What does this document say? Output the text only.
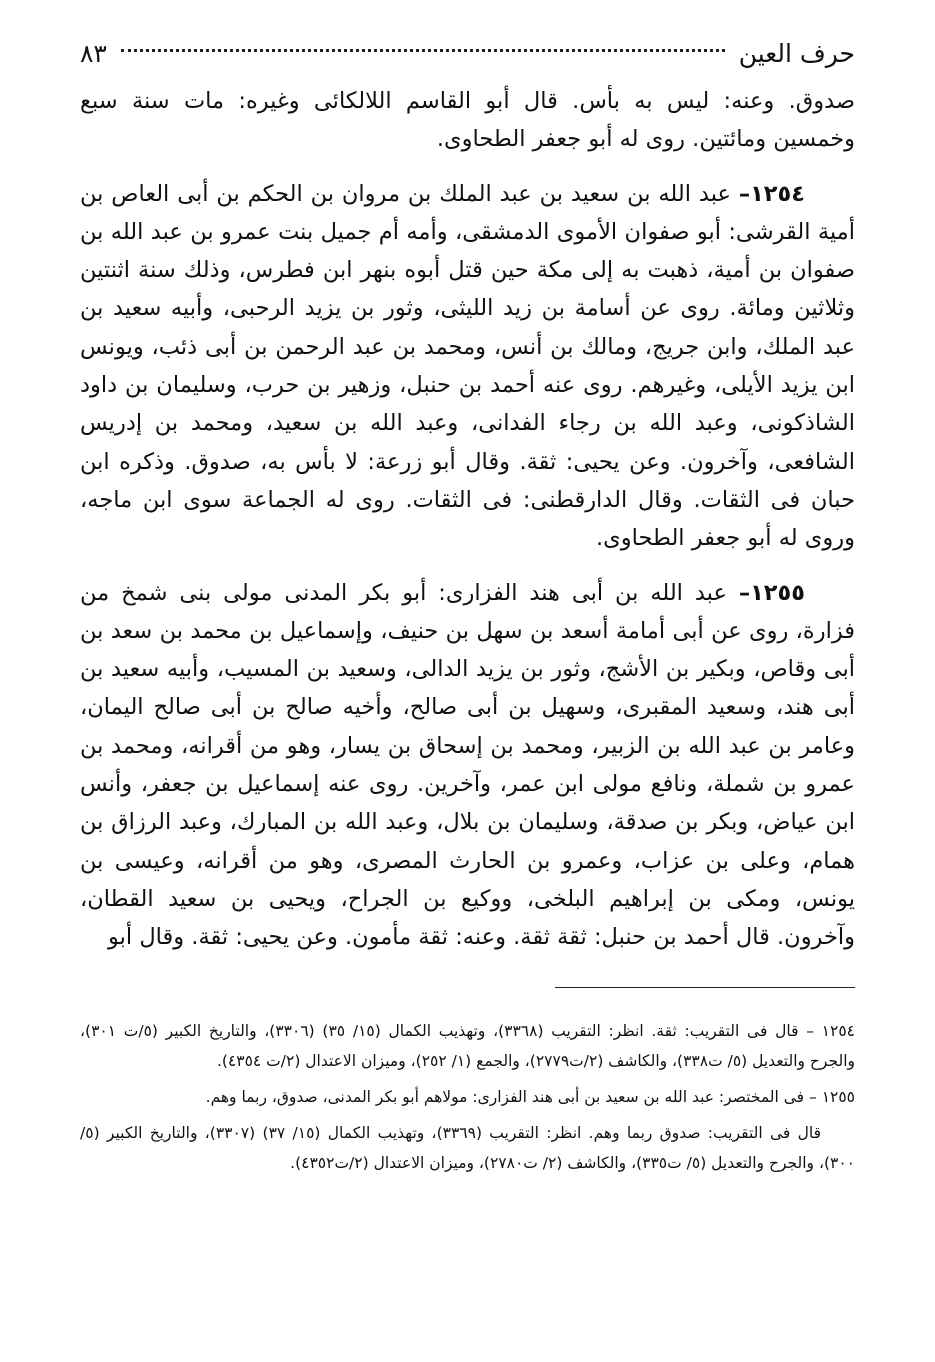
حرف العين
٨٣

صدوق. وعنه: ليس به بأس. قال أبو القاسم اللالكائى وغيره: مات سنة سبع وخمسين ومائتين. روى له أبو جعفر الطحاوى.

١٢٥٤– عبد الله بن سعيد بن عبد الملك بن مروان بن الحكم بن أبى العاص بن أمية القرشى: أبو صفوان الأموى الدمشقى، وأمه أم جميل بنت عمرو بن عبد الله بن صفوان بن أمية، ذهبت به إلى مكة حين قتل أبوه بنهر ابن فطرس، وذلك سنة اثنتين وثلاثين ومائة. روى عن أسامة بن زيد الليثى، وثور بن يزيد الرحبى، وأبيه سعيد بن عبد الملك، وابن جريج، ومالك بن أنس، ومحمد بن عبد الرحمن بن أبى ذئب، ويونس ابن يزيد الأيلى، وغيرهم. روى عنه أحمد بن حنبل، وزهير بن حرب، وسليمان بن داود الشاذكونى، وعبد الله بن رجاء الفدانى، وعبد الله بن سعيد، ومحمد بن إدريس الشافعى، وآخرون. وعن يحيى: ثقة. وقال أبو زرعة: لا بأس به، صدوق. وذكره ابن حبان فى الثقات. وقال الدارقطنى: فى الثقات. روى له الجماعة سوى ابن ماجه، وروى له أبو جعفر الطحاوى.

١٢٥٥– عبد الله بن أبى هند الفزارى: أبو بكر المدنى مولى بنى شمخ من فزارة، روى عن أبى أمامة أسعد بن سهل بن حنيف، وإسماعيل بن محمد بن سعد بن أبى وقاص، وبكير بن الأشج، وثور بن يزيد الدالى، وسعيد بن المسيب، وأبيه سعيد بن أبى هند، وسعيد المقبرى، وسهيل بن أبى صالح، وأخيه صالح بن أبى صالح اليمان، وعامر بن عبد الله بن الزبير، ومحمد بن إسحاق بن يسار، وهو من أقرانه، ومحمد بن عمرو بن شملة، ونافع مولى ابن عمر، وآخرين. روى عنه إسماعيل بن جعفر، وأنس ابن عياض، وبكر بن صدقة، وسليمان بن بلال، وعبد الله بن المبارك، وعبد الرزاق بن همام، وعلى بن عزاب، وعمرو بن الحارث المصرى، وهو من أقرانه، وعيسى بن يونس، ومكى بن إبراهيم البلخى، ووكيع بن الجراح، ويحيى بن سعيد القطان، وآخرون. قال أحمد بن حنبل: ثقة ثقة. وعنه: ثقة مأمون. وعن يحيى: ثقة. وقال أبو

١٢٥٤ – قال فى التقريب: ثقة. انظر: التقريب (٣٣٦٨)، وتهذيب الكمال (١٥/ ٣٥) (٣٣٠٦)، والتاريخ الكبير (٥/ت ٣٠١)، والجرح والتعديل (٥/ ت٣٣٨)، والكاشف (٢/ت٢٧٧٩)، والجمع (١/ ٢٥٢)، وميزان الاعتدال (٢/ت ٤٣٥٤).

١٢٥٥ – فى المختصر: عبد الله بن سعيد بن أبى هند الفزارى: مولاهم أبو بكر المدنى، صدوق، ربما وهم.

قال فى التقريب: صدوق ربما وهم. انظر: التقريب (٣٣٦٩)، وتهذيب الكمال (١٥/ ٣٧) (٣٣٠٧)، والتاريخ الكبير (٥/ ٣٠٠)، والجرح والتعديل (٥/ ت٣٣٥)، والكاشف (٢/ ت٢٧٨٠)، وميزان الاعتدال (٢/ت٤٣٥٢).
